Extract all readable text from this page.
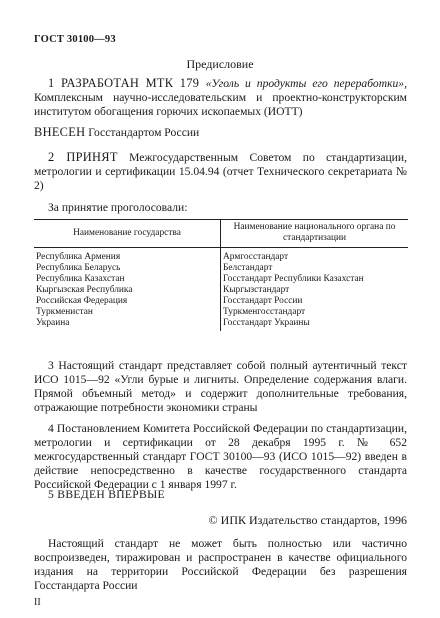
ГОСТ 30100—93
Предисловие
1 РАЗРАБОТАН МТК 179 «Уголь и продукты его переработки», Комплексным научно-исследовательским и проектно-конструкторским институтом обогащения горючих ископаемых (ИОТТ)
ВНЕСЕН Госстандартом России
2 ПРИНЯТ Межгосударственным Советом по стандартизации, метрологии и сертификации 15.04.94 (отчет Технического секретариата № 2)
За принятие проголосовали:
Наименование государства	Наименование национального органа по стандартизации
Республика Армения	Армгосстандарт
Республика Беларусь	Белстандарт
Республика Казахстан	Госстандарт Республики Казахстан
Кыргызская Республика	Кыргызстандарт
Российская Федерация	Госстандарт России
Туркменистан	Туркменгосстандарт
Украина	Госстандарт Украины
3 Настоящий стандарт представляет собой полный аутентичный текст ИСО 1015—92 «Угли бурые и лигниты. Определение содержания влаги. Прямой объемный метод» и содержит дополнительные требования, отражающие потребности экономики страны
4 Постановлением Комитета Российской Федерации по стандартизации, метрологии и сертификации от 28 декабря 1995 г. № 652 межгосударственный стандарт ГОСТ 30100—93 (ИСО 1015—92) введен в действие непосредственно в качестве государственного стандарта Российской Федерации с 1 января 1997 г.
5 ВВЕДЕН ВПЕРВЫЕ
© ИПК Издательство стандартов, 1996
Настоящий стандарт не может быть полностью или частично воспроизведен, тиражирован и распространен в качестве официального издания на территории Российской Федерации без разрешения Госстандарта России
II
